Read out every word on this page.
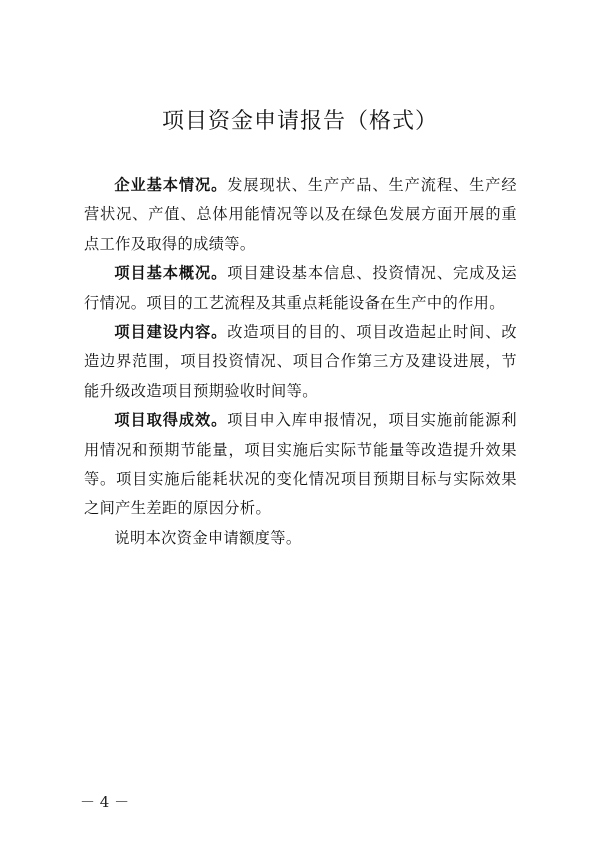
项目资金申请报告（格式）

企业基本情况。发展现状、生产产品、生产流程、生产经营状况、产值、总体用能情况等以及在绿色发展方面开展的重点工作及取得的成绩等。

项目基本概况。项目建设基本信息、投资情况、完成及运行情况。项目的工艺流程及其重点耗能设备在生产中的作用。

项目建设内容。改造项目的目的、项目改造起止时间、改造边界范围，项目投资情况、项目合作第三方及建设进展，节能升级改造项目预期验收时间等。

项目取得成效。项目申入库申报情况，项目实施前能源利用情况和预期节能量，项目实施后实际节能量等改造提升效果等。项目实施后能耗状况的变化情况项目预期目标与实际效果之间产生差距的原因分析。

说明本次资金申请额度等。

－ 4 －
